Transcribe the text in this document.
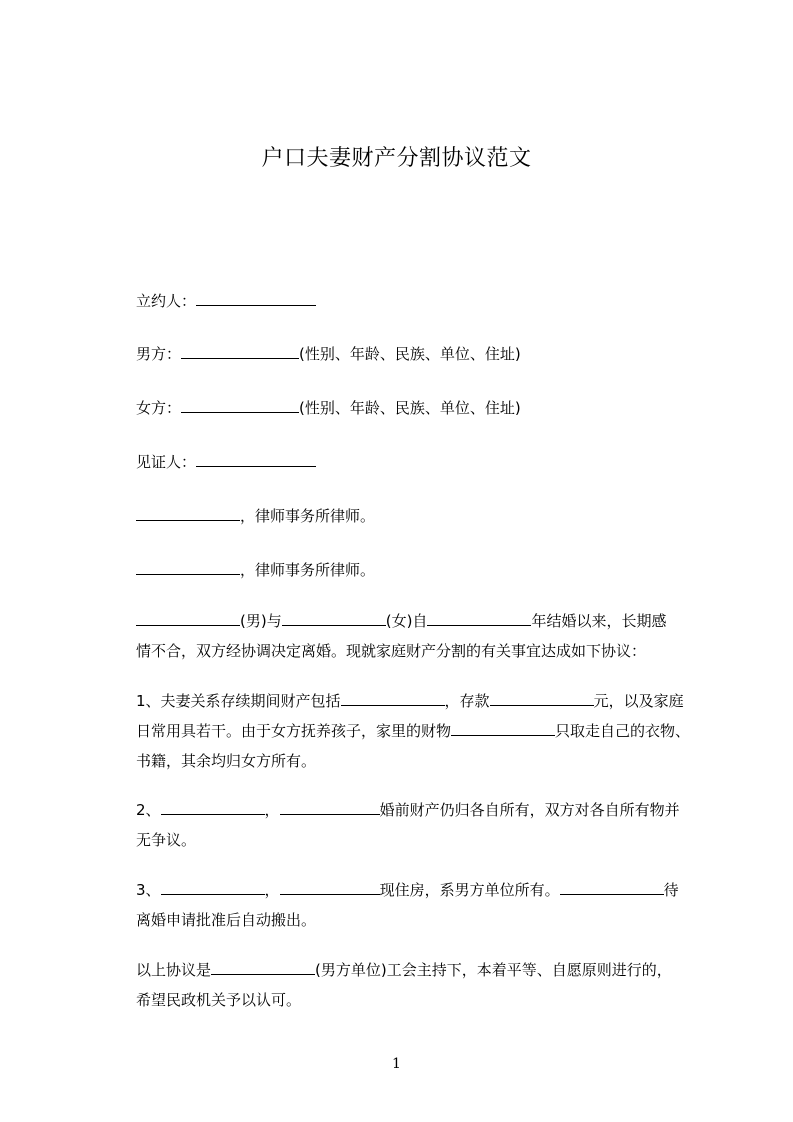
户口夫妻财产分割协议范文
立约人：
男方：	(性别、年龄、民族、单位、住址)
女方：	(性别、年龄、民族、单位、住址)
见证人：
，律师事务所律师。
，律师事务所律师。
(男)与	(女)自	年结婚以来，长期感
情不合，双方经协调决定离婚。现就家庭财产分割的有关事宜达成如下协议：
1、夫妻关系存续期间财产包括	，存款	元，以及家庭
日常用具若干。由于女方抚养孩子，家里的财物	只取走自己的衣物、
书籍，其余均归女方所有。
2、	，	婚前财产仍归各自所有，双方对各自所有物并
无争议。
3、	，	现住房，系男方单位所有。	待
离婚申请批准后自动搬出。
以上协议是	(男方单位)工会主持下，本着平等、自愿原则进行的，
希望民政机关予以认可。
1
